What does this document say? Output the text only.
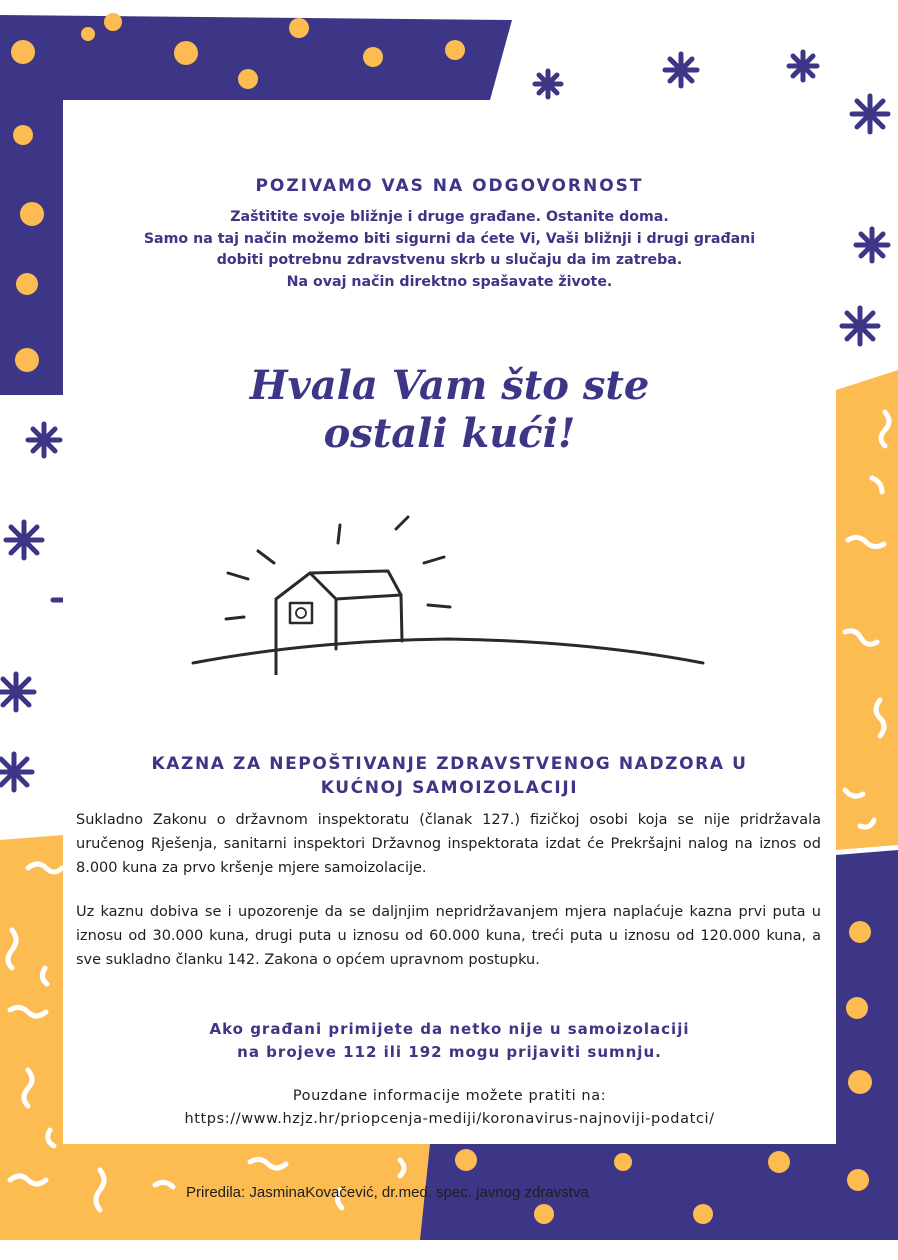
POZIVAMO VAS NA ODGOVORNOST
Zaštitite svoje bližnje i druge građane. Ostanite doma.
Samo na taj način možemo biti sigurni da ćete Vi, Vaši bližnji i drugi građani
dobiti potrebnu zdravstvenu skrb u slučaju da im zatreba.
Na ovaj način direktno spašavate živote.
Hvala Vam što ste
ostali kući!
KAZNA ZA NEPOŠTIVANJE ZDRAVSTVENOG NADZORA U
KUĆNOJ SAMOIZOLACIJI
Sukladno Zakonu o državnom inspektoratu (članak 127.) fizičkoj osobi koja se nije pridržavala uručenog Rješenja, sanitarni inspektori Državnog inspektorata izdat će Prekršajni nalog na iznos od 8.000 kuna za prvo kršenje mjere samoizolacije.
Uz kaznu dobiva se i upozorenje da se daljnjim nepridržavanjem mjera naplaćuje kazna prvi puta u iznosu od 30.000 kuna, drugi puta u iznosu od 60.000 kuna, treći puta u iznosu od 120.000 kuna, a sve sukladno članku 142. Zakona o općem upravnom postupku.
Ako građani primijete da netko nije u samoizolaciji
na brojeve 112 ili 192 mogu prijaviti sumnju.
Pouzdane informacije možete pratiti na:
https://www.hzjz.hr/priopcenja-mediji/koronavirus-najnoviji-podatci/
Priredila: JasminaKovačević, dr.med. spec. javnog zdravstva
